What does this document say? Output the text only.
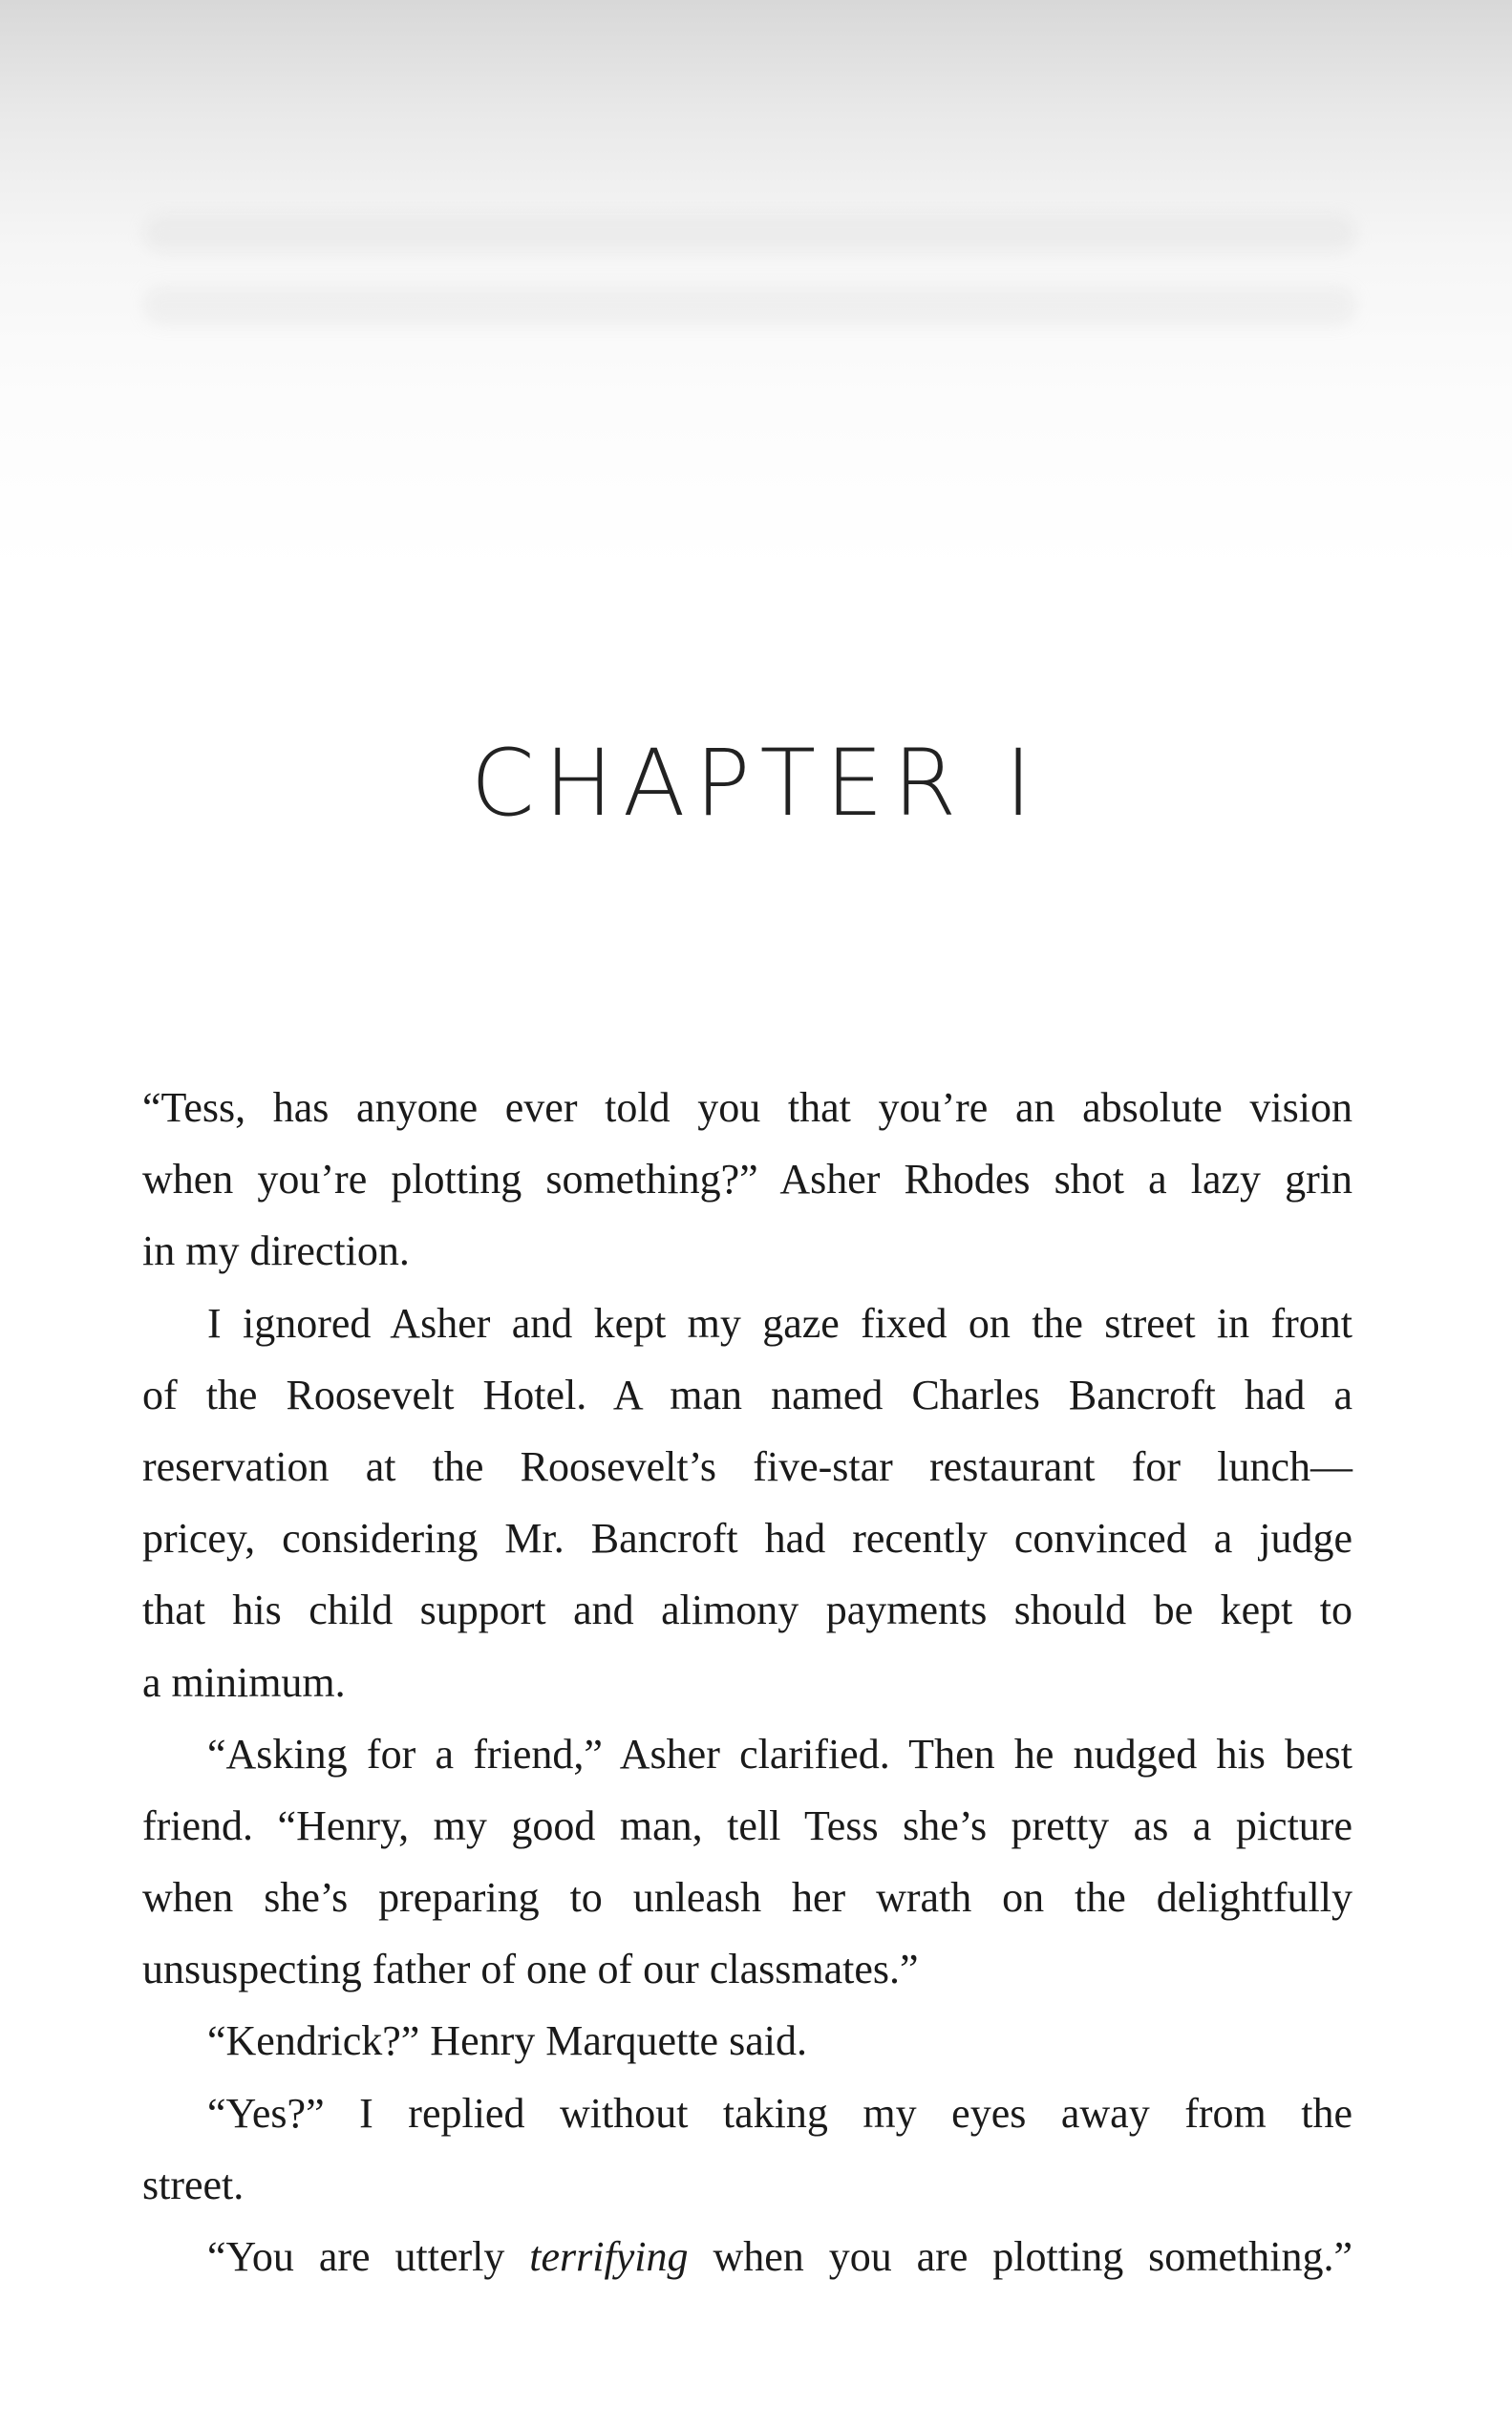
CHAPTER I
“Tess, has anyone ever told you that you’re an absolute vision
when you’re plotting something?” Asher Rhodes shot a lazy grin
in my direction.
I ignored Asher and kept my gaze fixed on the street in front
of the Roosevelt Hotel. A man named Charles Bancroft had a
reservation at the Roosevelt’s five-star restaurant for lunch—
pricey, considering Mr. Bancroft had recently convinced a judge
that his child support and alimony payments should be kept to
a minimum.
“Asking for a friend,” Asher clarified. Then he nudged his best
friend. “Henry, my good man, tell Tess she’s pretty as a picture
when she’s preparing to unleash her wrath on the delightfully
unsuspecting father of one of our classmates.”
“Kendrick?” Henry Marquette said.
“Yes?” I replied without taking my eyes away from the
street.
“You are utterly terrifying when you are plotting something.”
